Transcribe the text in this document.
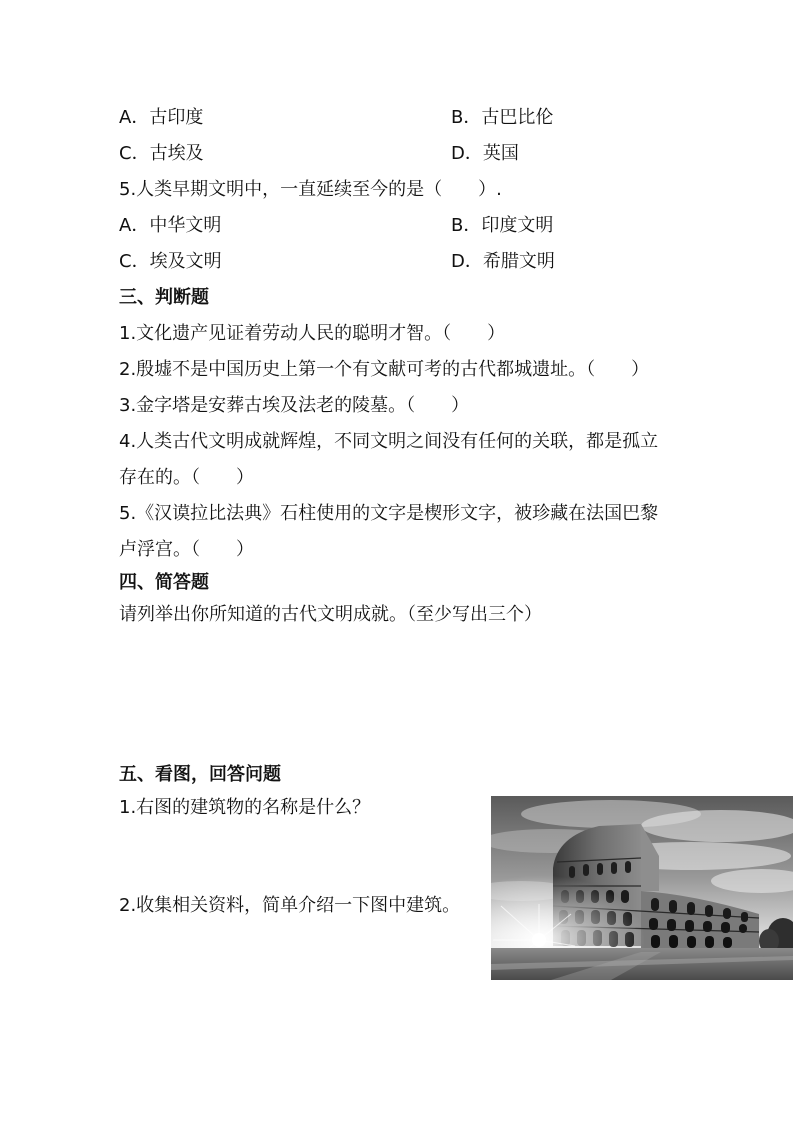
A．古印度	B．古巴比伦
C．古埃及	D．英国
5.人类早期文明中，一直延续至今的是（　　）.
A．中华文明	B．印度文明
C．埃及文明	D．希腊文明
三、判断题
1.文化遗产见证着劳动人民的聪明才智。（　　）
2.殷墟不是中国历史上第一个有文献可考的古代都城遗址。（　　）
3.金字塔是安葬古埃及法老的陵墓。（　　）
4.人类古代文明成就辉煌，不同文明之间没有任何的关联，都是孤立
存在的。（　　）
5.《汉谟拉比法典》石柱使用的文字是楔形文字，被珍藏在法国巴黎
卢浮宫。（　　）
四、简答题
请列举出你所知道的古代文明成就。（至少写出三个）
五、看图，回答问题
1.右图的建筑物的名称是什么？
2.收集相关资料，简单介绍一下图中建筑。
